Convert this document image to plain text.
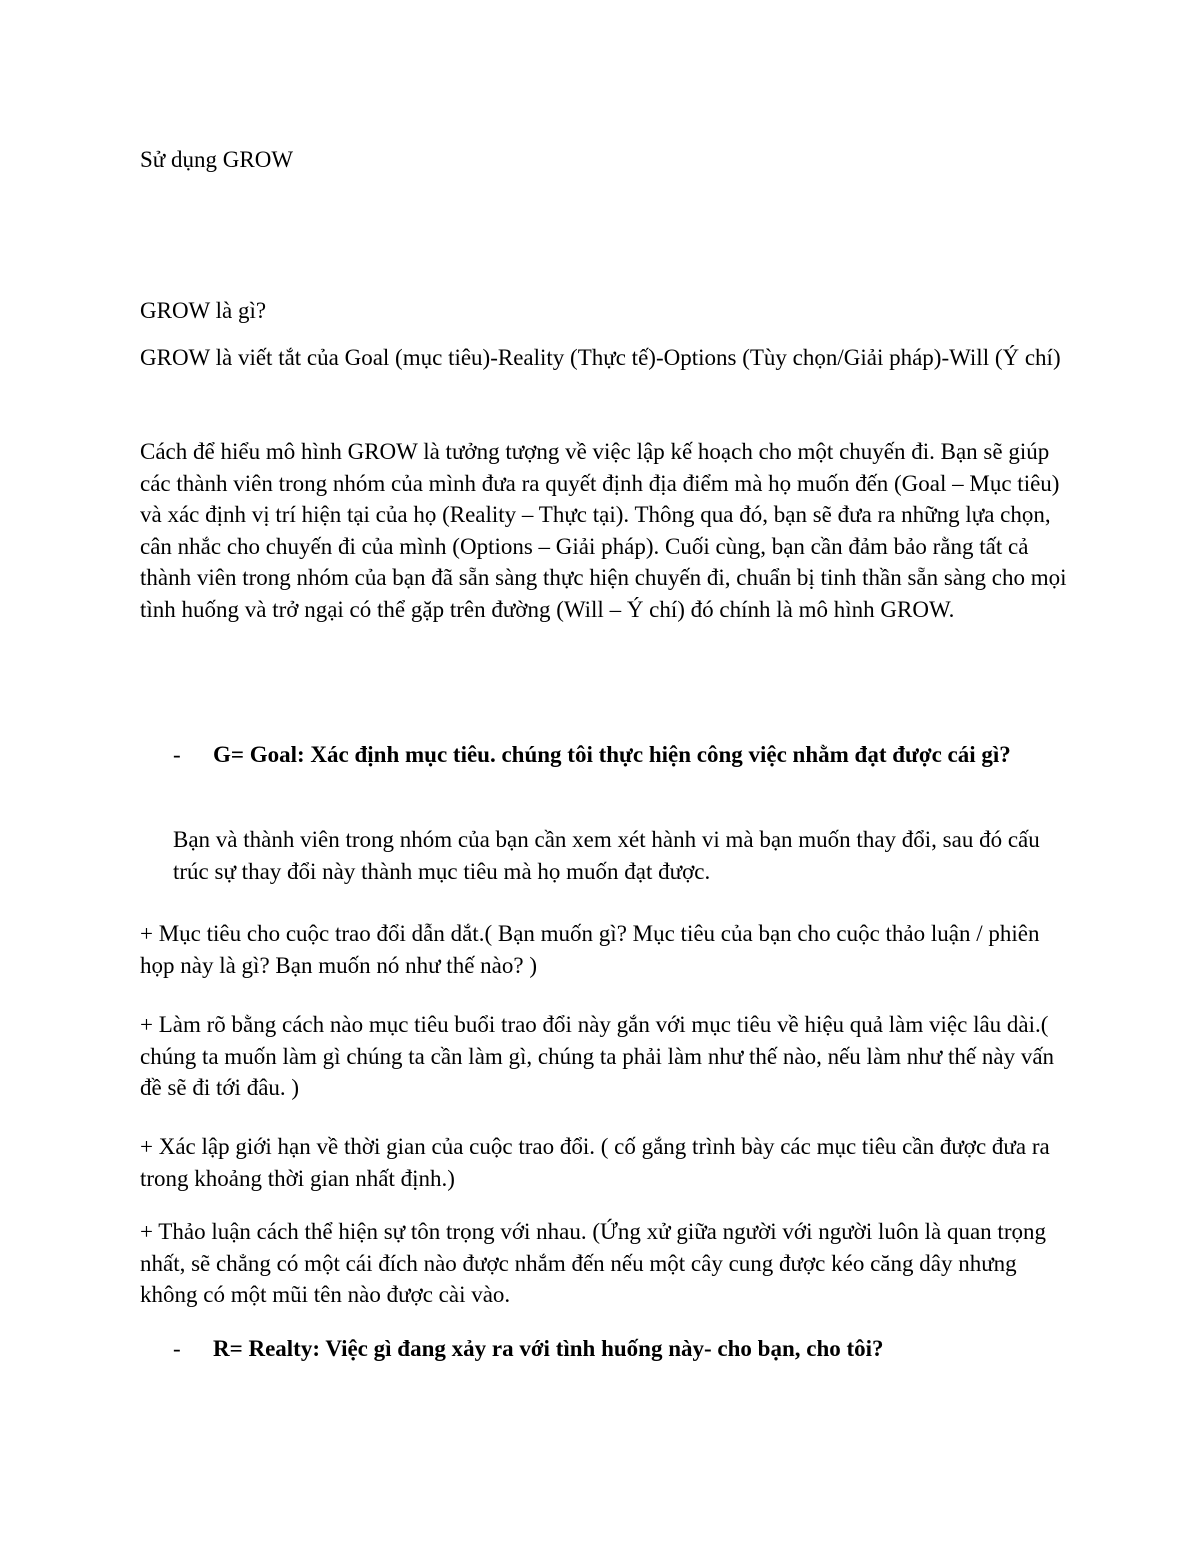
Sử dụng GROW

GROW là gì?

GROW là viết tắt của Goal (mục tiêu)-Reality (Thực tế)-Options (Tùy chọn/Giải pháp)-Will (Ý chí)

Cách để hiểu mô hình GROW là tưởng tượng về việc lập kế hoạch cho một chuyến đi. Bạn sẽ giúp các thành viên trong nhóm của mình đưa ra quyết định địa điểm mà họ muốn đến (Goal – Mục tiêu) và xác định vị trí hiện tại của họ (Reality – Thực tại). Thông qua đó, bạn sẽ đưa ra những lựa chọn, cân nhắc cho chuyến đi của mình (Options – Giải pháp). Cuối cùng, bạn cần đảm bảo rằng tất cả thành viên trong nhóm của bạn đã sẵn sàng thực hiện chuyến đi, chuẩn bị tinh thần sẵn sàng cho mọi tình huống và trở ngại có thể gặp trên đường (Will – Ý chí) đó chính là mô hình GROW.

- G= Goal: Xác định mục tiêu. chúng tôi thực hiện công việc nhằm đạt được cái gì?

Bạn và thành viên trong nhóm của bạn cần xem xét hành vi mà bạn muốn thay đổi, sau đó cấu trúc sự thay đổi này thành mục tiêu mà họ muốn đạt được.

+ Mục tiêu cho cuộc trao đổi dẫn dắt.( Bạn muốn gì? Mục tiêu của bạn cho cuộc thảo luận / phiên họp này là gì? Bạn muốn nó như thế nào? )

+ Làm rõ bằng cách nào mục tiêu buổi trao đổi này gắn với mục tiêu về hiệu quả làm việc lâu dài.( chúng ta muốn làm gì chúng ta cần làm gì, chúng ta phải làm như thế nào, nếu làm như thế này vấn đề sẽ đi tới đâu. )

+ Xác lập giới hạn về thời gian của cuộc trao đổi. ( cố gắng trình bày các mục tiêu cần được đưa ra trong khoảng thời gian nhất định.)

+ Thảo luận cách thể hiện sự tôn trọng với nhau. (Ứng xử giữa người với người luôn là quan trọng nhất, sẽ chẳng có một cái đích nào được nhắm đến nếu một cây cung được kéo căng dây nhưng không có một mũi tên nào được cài vào.

- R= Realty: Việc gì đang xảy ra với tình huống này- cho bạn, cho tôi?
